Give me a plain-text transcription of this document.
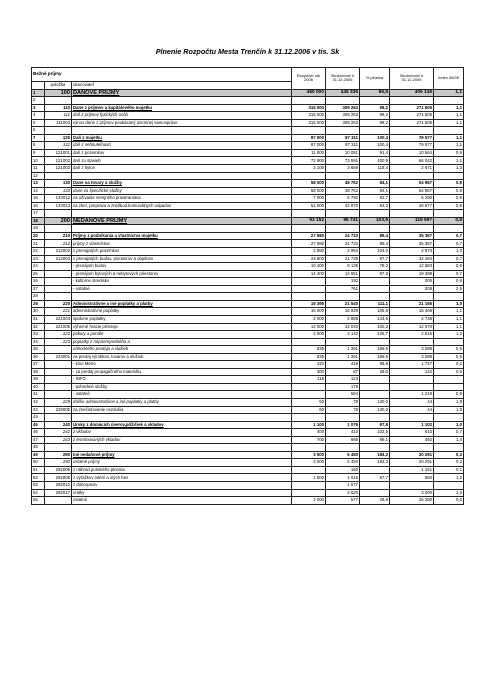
Plnenie Rozpočtu Mesta Trenčín k 31.12.2006 v tis. Sk
Bežné príjmy			Rozpočet rok 2006	Skutočnosť k 31.12.2006	% plnenia	Skutočnosť k 31.12.2005	Index 06/05
	položka	ukazovateľ					
1	100	DAŇOVÉ PRÍJMY	460 000	445 336	96,8	406 149	1,1
2							
3	110	Dane z príjmov a kapitálového majetku	315 000	309 263	98,2	271 605	1,1
4	111	daň z príjmov fyzických osôb	315 000	309 263	98,2	271 605	1,1
5	111003	výnos dane z príjmov poukázaný územnej samospráve	315 000	309 263	98,2	271 605	1,1
6							
7	120	Daň z majetku	87 000	87 311	100,4	79 577	1,1
8	121	daň z nehnuteľností	87 000	87 311	100,4	79 577	1,1
9	121001	daň z pozemkov	11 000	10 051	91,4	10 664	0,9
10	121002	daň zo stavieb	72 900	73 591	100,9	66 042	1,1
11	121003	daň z bytov	3 100	3 669	118,4	2 871	1,3
12							
13	130	Dane na tovary a služby	58 000	48 762	84,1	54 967	0,9
14	133	dane za špecifické služby	58 000	48 762	84,1	54 967	0,9
15	133012	za užívanie verejného priestranstva	7 000	5 792	82,7	6 290	0,9
16	133013	za zber, prepravu a zneškod.komunálnych odpadov	51 000	42 970	84,3	48 677	0,9
17							
18	200	NEDAŇOVÉ PRÍJMY	93 152	96 741	103,9	119 597	0,8
19							
20	210	Príjmy z podnikania a vlastníctva majetku	27 680	24 733	89,4	35 367	0,7
21	212	príjmy z vlastníctva	27 680	24 733	89,4	35 367	0,7
22	212002	z prenajatých pozemkov	2 880	2 994	104,0	2 873	1,0
23	212003	z prenajatých budov, priestorov a objektov	24 800	21 739	87,7	32 494	0,7
24		- prenájom budov	10 400	8 135	78,2	12 583	0,6
25		- prenájom bytových a nebytových priestorov	14 400	12 651	87,9	19 398	0,7
26		- kultúrne stredisko		192		205	0,9
27		- ostatné		761		308	2,5
28							
29	220	Administratívne a iné poplatky a platby	19 395	21 540	111,1	21 155	1,0
30	221	administratívne poplatky	16 000	16 929	105,8	15 408	1,1
31	221004	správne poplatky	2 000	2 889	144,5	2 738	1,1
32	221005	výherné hracie prístroje	14 000	14 040	100,3	12 670	1,1
33	222	pokuty a penále	2 500	3 142	125,7	2 615	1,2
34	223	poplatky z nepriemyselného a					
35		náhodného predaja a služieb	835	1 391	166,6	3 088	0,5
36	223001	za predaj výrobkov, tovarov a služieb	835	1 391	166,6	3 088	0,5
37		- kino Metro	420	419	99,8	1 727	0,2
38		- za predaj propagačného materiálu	300	87	29,0	142	0,6
39		- INFO	115	123			
40		- pohrebné služby		178			
41		- ostatné		584		1 219	0,5
42	229	ďalšie administratívne a iné poplatky a platby	60	78	130,0	44	1,8
43	229005	za znečisťovanie ovzdušia	60	78	130,0	44	1,8
44							
45	240	Úroky z domácich úverov,pôžičiek a vkladov	1 100	1 076	97,8	1 102	1,0
46	242	z vkladov	400	410	102,5	610	0,7
47	243	z termínovaných vkladov	700	666	95,1	492	1,4
48							
49	290	Iné nedaňové príjmy	3 500	6 450	184,3	20 291	0,3
50	292	ostatné príjmy	3 500	6 450	184,3	20 291	0,3
51	292006	z náhrad poistného plnenia		160		1 151	0,1
52	292008	z výťažkov lotérií a iných hier	1 500	1 016	67,7	860	1,2
53	292012	z dobropisov		1 677			
54	292017	vratky		3 020		3 000	1,0
55		ostatné	2 000	577	28,9	15 280	0,0
